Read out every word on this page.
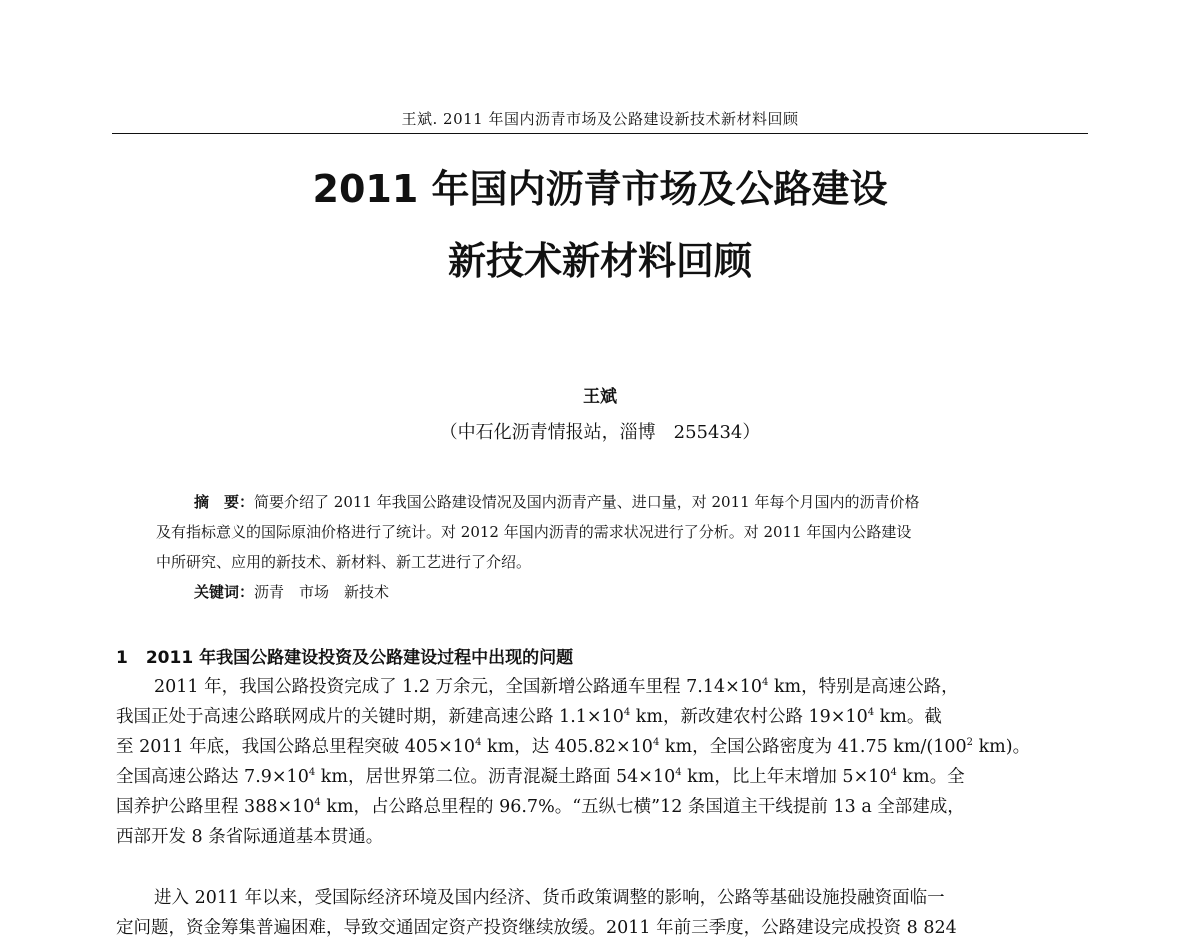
王斌. 2011 年国内沥青市场及公路建设新技术新材料回顾
2011 年国内沥青市场及公路建设
新技术新材料回顾
王斌
（中石化沥青情报站，淄博　255434）
摘　要：简要介绍了 2011 年我国公路建设情况及国内沥青产量、进口量，对 2011 年每个月国内的沥青价格
及有指标意义的国际原油价格进行了统计。对 2012 年国内沥青的需求状况进行了分析。对 2011 年国内公路建设
中所研究、应用的新技术、新材料、新工艺进行了介绍。
关键词：沥青　市场　新技术
1 2011 年我国公路建设投资及公路建设过程中出现的问题
2011 年，我国公路投资完成了 1.2 万余元，全国新增公路通车里程 $7.14\times 10^4$ km，特别是高速公路，
我国正处于高速公路联网成片的关键时期，新建高速公路 $1.1\times 10^4$ km，新改建农村公路 $19\times 10^4$ km。截
至 2011 年底，我国公路总里程突破 $405\times 10^4$ km，达 $405.82\times 10^4$ km，全国公路密度为 41.75 $km/(100^2$ km)。
全国高速公路达 $7.9\times 10^4$ km，居世界第二位。沥青混凝土路面 $54\times 10^4$ km，比上年末增加 $5\times 10^4$ km。全
国养护公路里程 $388\times 10^4$ km，占公路总里程的 96.7%。“五纵七横”12 条国道主干线提前 13 a 全部建成，
西部开发 8 条省际通道基本贯通。
进入 2011 年以来，受国际经济环境及国内经济、货币政策调整的影响，公路等基础设施投融资面临一
定问题，资金筹集普遍困难，导致交通固定资产投资继续放缓。2011 年前三季度，公路建设完成投资 8 824
